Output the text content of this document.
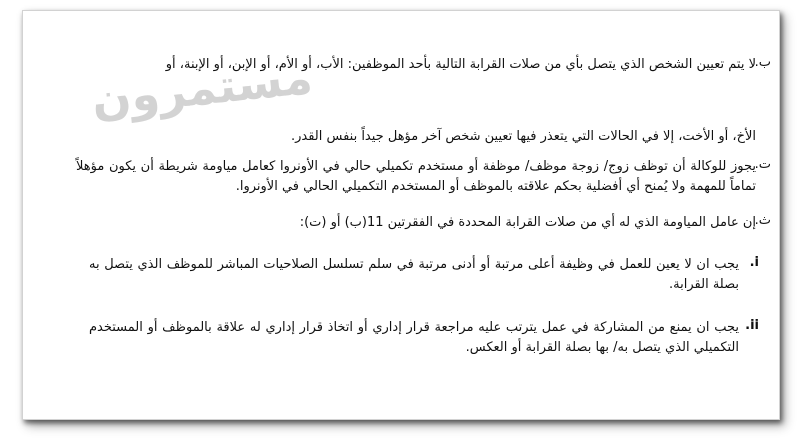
مستمرون	ب.
لا يتم تعيين الشخص الذي يتصل بأي من صلات القرابة التالية بأحد الموظفين: الأب، أو الأم، أو الإبن، أو الإبنة، أو
الأخ، أو الأخت، إلا في الحالات التي يتعذر فيها تعيين شخص آخر مؤهل جيداً بنفس القدر.
ت.
يجوز للوكالة أن توظف زوج/ زوجة موظف/ موظفة أو مستخدم تكميلي حالي في الأونروا كعامل مياومة شريطة أن يكون مؤهلاً تماماً للمهمة ولا يُمنح أي أفضلية بحكم علاقته بالموظف أو المستخدم التكميلي الحالي في الأونروا.
ث.
إن عامل المياومة الذي له أي من صلات القرابة المحددة في الفقرتين 11(ب) أو (ت):
i.
يجب ان لا يعين للعمل في وظيفة أعلى مرتبة أو أدنى مرتبة في سلم تسلسل الصلاحيات المباشر للموظف الذي يتصل به بصلة القرابة.
ii.
يجب ان يمنع من المشاركة في عمل يترتب عليه مراجعة قرار إداري أو اتخاذ قرار إداري له علاقة بالموظف أو المستخدم التكميلي الذي يتصل به/ بها بصلة القرابة أو العكس.
